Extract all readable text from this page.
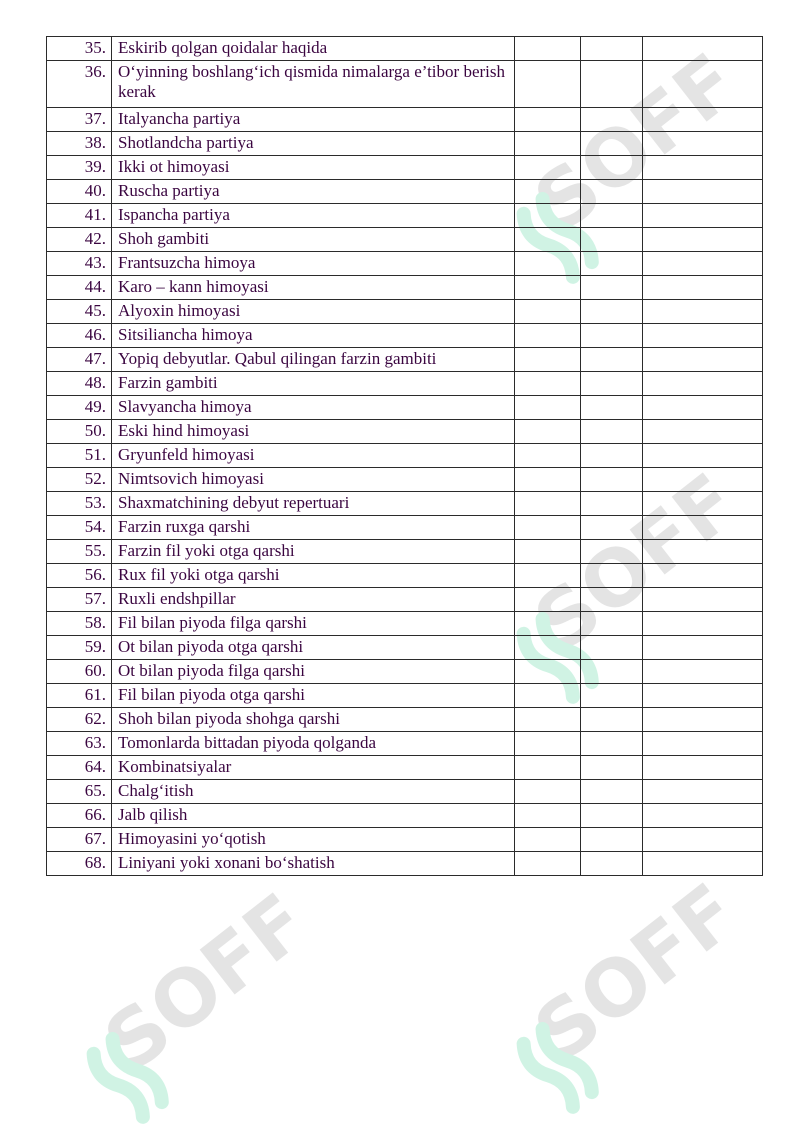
SOFF
SOFF
SOFF SOFF
35.	Eskirib qolgan qoidalar haqida			
36.	O‘yinning boshlang‘ich qismida nimalarga e’tibor berish kerak			
37.	Italyancha partiya			
38.	Shotlandcha partiya			
39.	Ikki ot himoyasi			
40.	Ruscha partiya			
41.	Ispancha partiya			
42.	Shoh gambiti			
43.	Frantsuzcha himoya			
44.	Karo – kann himoyasi			
45.	Alyoxin himoyasi			
46.	Sitsiliancha himoya			
47.	Yopiq debyutlar. Qabul qilingan farzin gambiti			
48.	Farzin gambiti			
49.	Slavyancha himoya			
50.	Eski hind himoyasi			
51.	Gryunfeld himoyasi			
52.	Nimtsovich himoyasi			
53.	Shaxmatchining debyut repertuari			
54.	Farzin ruxga qarshi			
55.	Farzin fil yoki otga qarshi			
56.	Rux fil yoki otga qarshi			
57.	Ruxli endshpillar			
58.	Fil bilan piyoda filga qarshi			
59.	Ot bilan piyoda otga qarshi			
60.	Ot bilan piyoda filga qarshi			
61.	Fil bilan piyoda otga qarshi			
62.	Shoh bilan piyoda shohga qarshi			
63.	Tomonlarda bittadan piyoda qolganda			
64.	Kombinatsiyalar			
65.	Chalg‘itish			
66.	Jalb qilish			
67.	Himoyasini yo‘qotish			
68.	Liniyani yoki xonani bo‘shatish			
